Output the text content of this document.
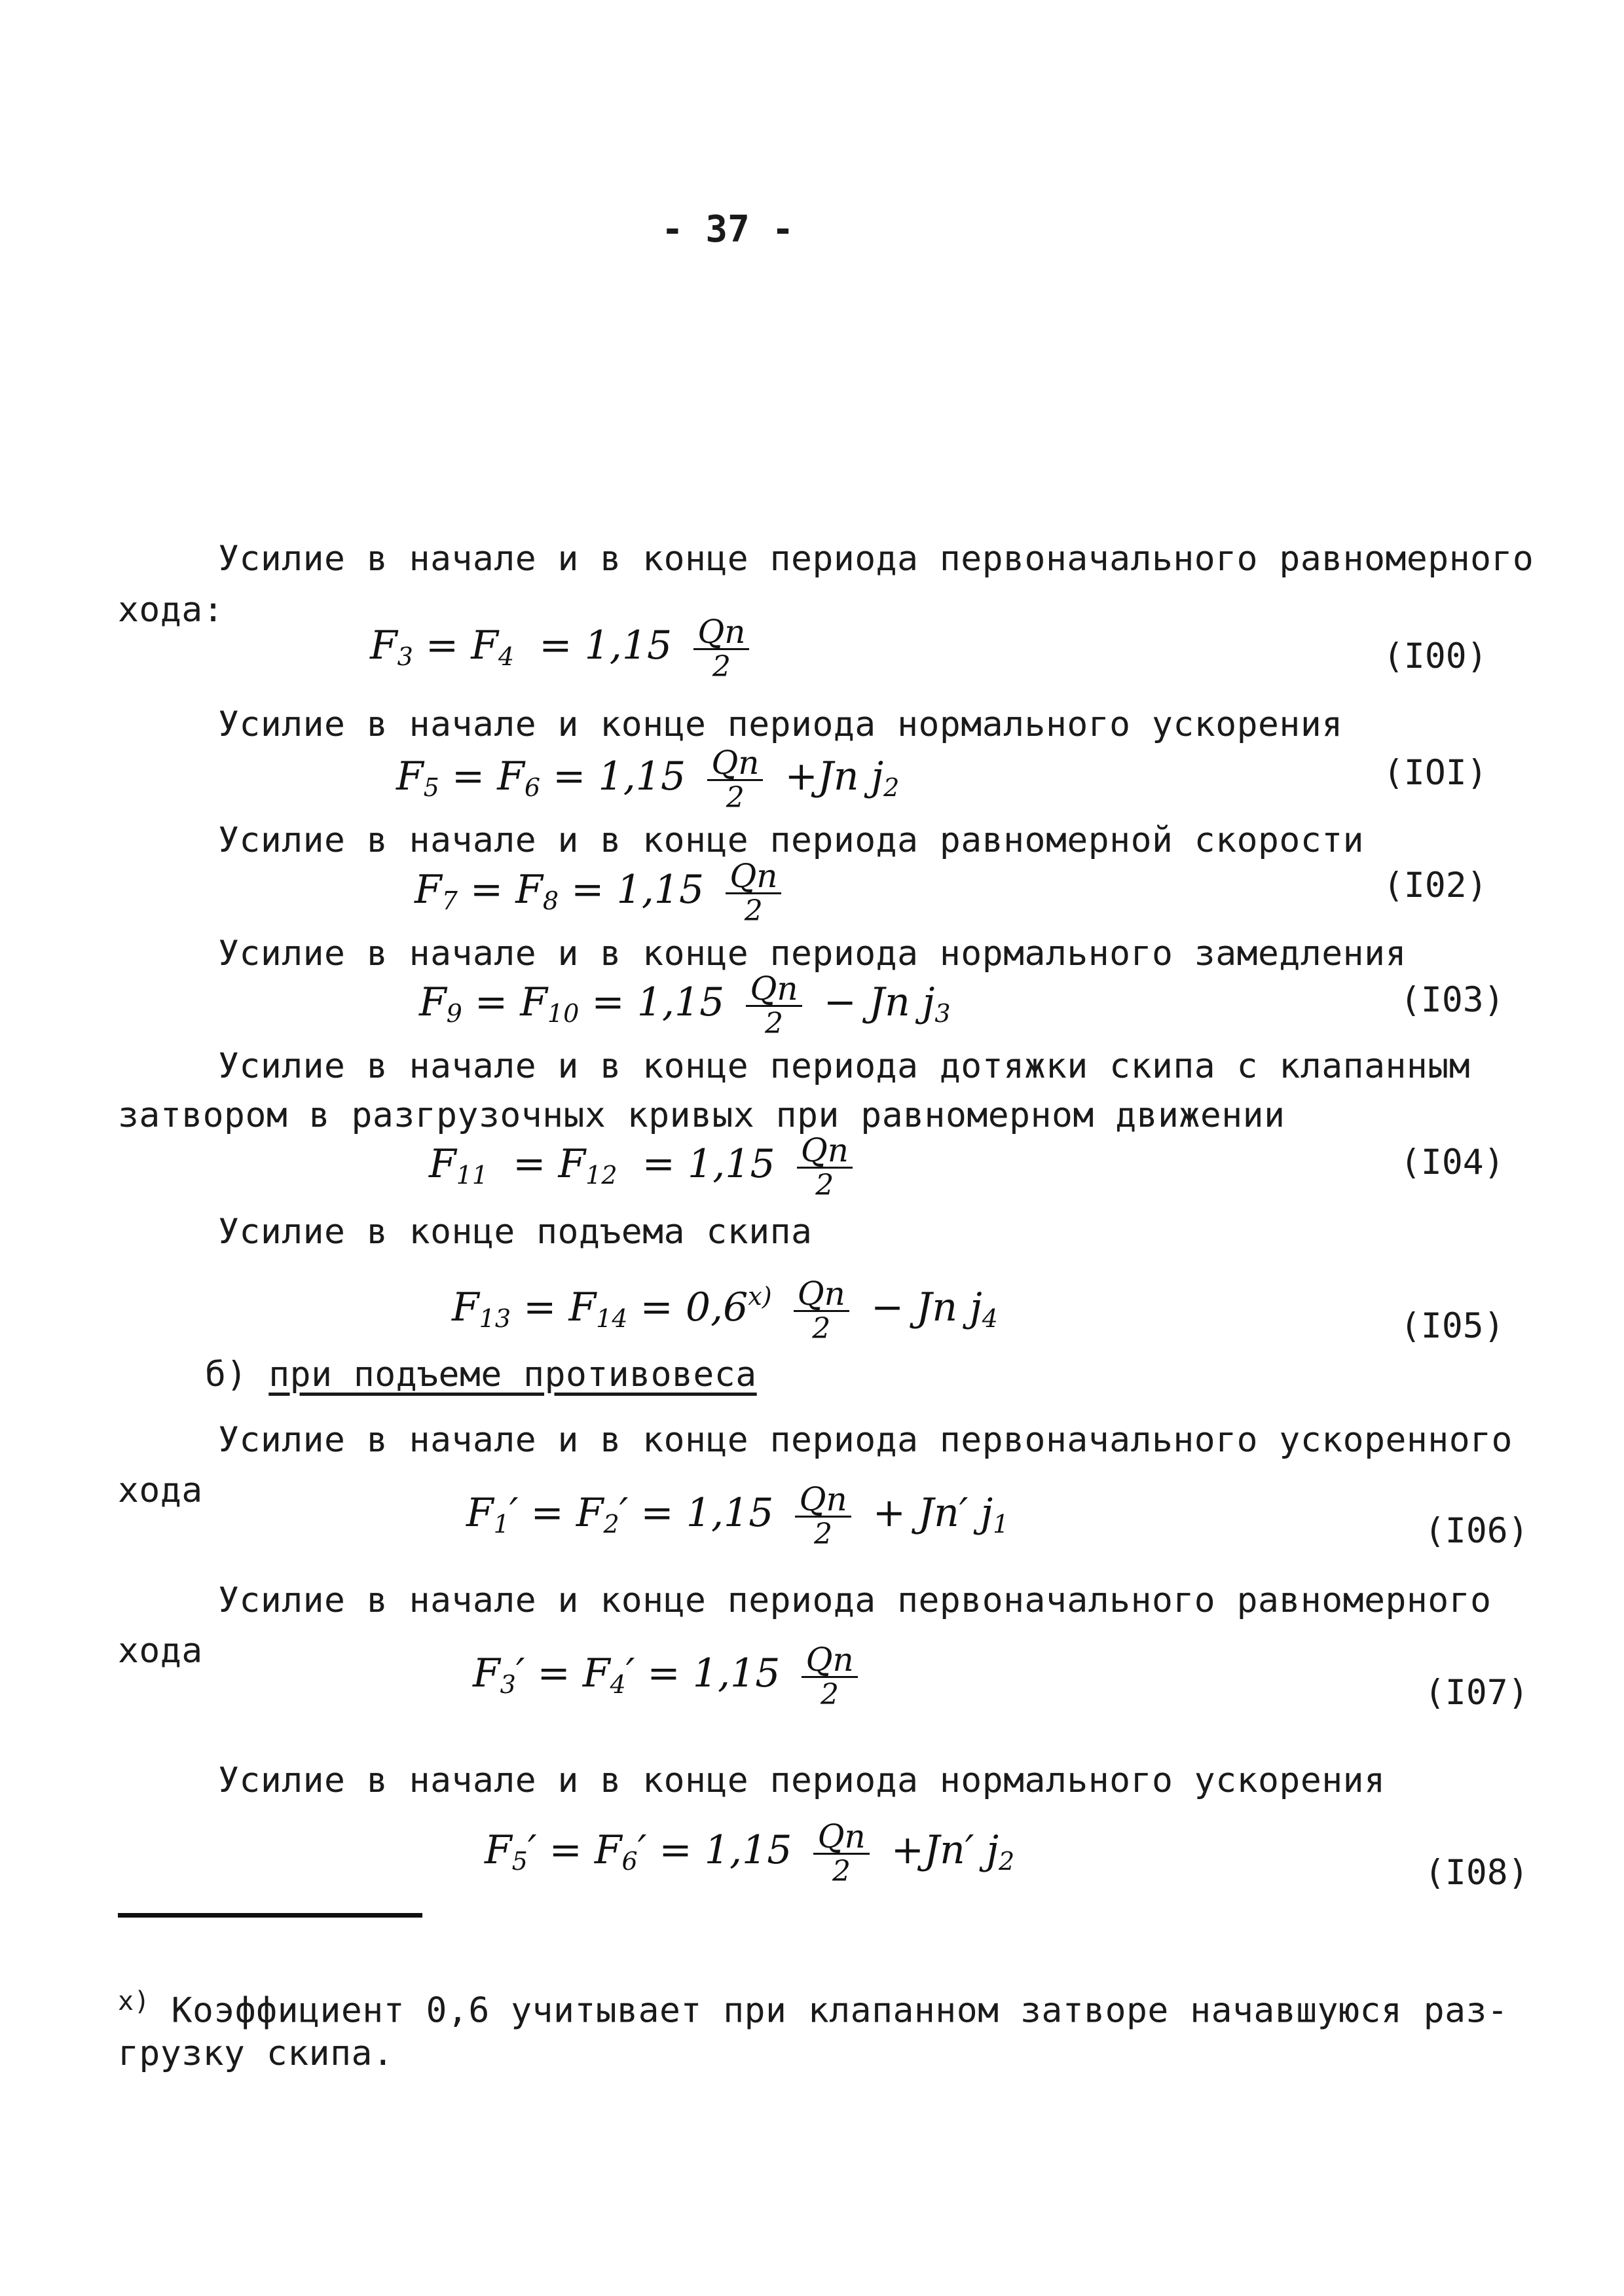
- 37 -
Усилие в начале и в конце периода первоначального равномерного
хода:
$F_3 = F_4 = 1,15 \frac{Qп}{2}$	(I00)
Усилие в начале и конце периода нормального ускорения
$F_5 = F_6 = 1,15 \frac{Qп}{2} +Jп$ $j_2$	(IOI)
Усилие в начале и в конце периода равномерной скорости
$F_7 = F_8 = 1,15 \frac{Qп}{2}$	(I02)
Усилие в начале и в конце периода нормального замедления
$F_9 = F_{10} = 1,15 \frac{Qп}{2}$ − Jп $j_3$	(I03)
Усилие в начале и в конце периода дотяжки скипа с клапанным
затвором в разгрузочных кривых при равномерном движении
$F_{11} = F_{12} = 1,15 \frac{Qп}{2}$	(I04)
Усилие в конце подъема скипа
$F_{13} = F_{14} = 0,6^{x)} \frac{Qп}{2}$ − Jп $j_4$	(I05)
б) при подъеме противовеса
Усилие в начале и в конце периода первоначального ускоренного
хода	$F_1' = F_2' = 1,15 \frac{Qп}{2} + Jп'$ $j_1$	(I06)
Усилие в начале и конце периода первоначального равномерного
хода	$F_3' = F_4' = 1,15 \frac{Qп}{2}$	(I07)
Усилие в начале и в конце периода нормального ускорения
$F_5' = F_6' = 1,15 \frac{Qп}{2} +Jп'$ $j_2$	(I08)
$^{x)}$ Коэффициент 0,6 учитывает при клапанном затворе начавшуюся раз-
грузку скипа.
